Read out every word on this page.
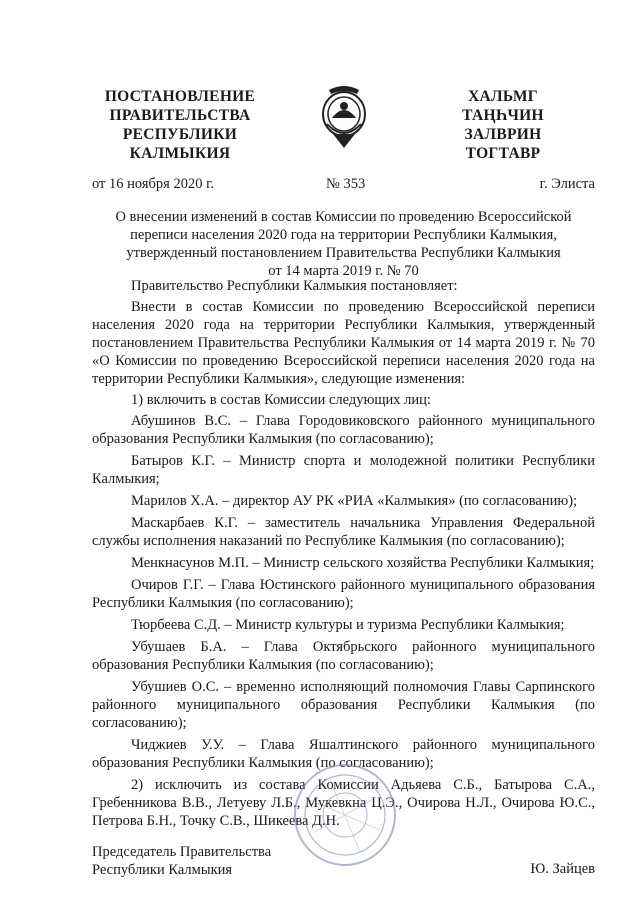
ПОСТАНОВЛЕНИЕ
ПРАВИТЕЛЬСТВА
РЕСПУБЛИКИ
КАЛМЫКИЯ
ХАЛЬМГ
ТАҢҺЧИН
ЗАЛВРИН
ТОГТАВР
от 16 ноября 2020 г.	№ 353	г. Элиста
О внесении изменений в состав Комиссии по проведению Всероссийской
переписи населения 2020 года на территории Республики Калмыкия,
утвержденный постановлением Правительства Республики Калмыкия
от 14 марта 2019 г. № 70

Правительство Республики Калмыкия постановляет:

Внести в состав Комиссии по проведению Всероссийской переписи населения 2020 года на территории Республики Калмыкия, утвержденный постановлением Правительства Республики Калмыкия от 14 марта 2019 г. № 70 «О Комиссии по проведению Всероссийской переписи населения 2020 года на территории Республики Калмыкия», следующие изменения:

1) включить в состав Комиссии следующих лиц:

Абушинов В.С. – Глава Городовиковского районного муниципального образования Республики Калмыкия (по согласованию);

Батыров К.Г. – Министр спорта и молодежной политики Республики Калмыкия;

Марилов Х.А. – директор АУ РК «РИА «Калмыкия» (по согласованию);

Маскарбаев К.Г. – заместитель начальника Управления Федеральной службы исполнения наказаний по Республике Калмыкия (по согласованию);

Менкнасунов М.П. – Министр сельского хозяйства Республики Калмыкия;

Очиров Г.Г. – Глава Юстинского районного муниципального образования Республики Калмыкия (по согласованию);

Тюрбеева С.Д. – Министр культуры и туризма Республики Калмыкия;

Убушаев Б.А. – Глава Октябрьского районного муниципального образования Республики Калмыкия (по согласованию);

Убушиев О.С. – временно исполняющий полномочия Главы Сарпинского районного муниципального образования Республики Калмыкия (по согласованию);

Чиджиев У.У. – Глава Яшалтинского районного муниципального образования Республики Калмыкия (по согласованию);

2) исключить из состава Комиссии Адьяева С.Б., Батырова С.А., Гребенникова В.В., Летуеву Л.Б., Мукевкна Ц.Э., Очирова Н.Л., Очирова Ю.С., Петрова Б.Н., Точку С.В., Шикеева Д.Н.

Председатель Правительства
Республики Калмыкия	Ю. Зайцев
